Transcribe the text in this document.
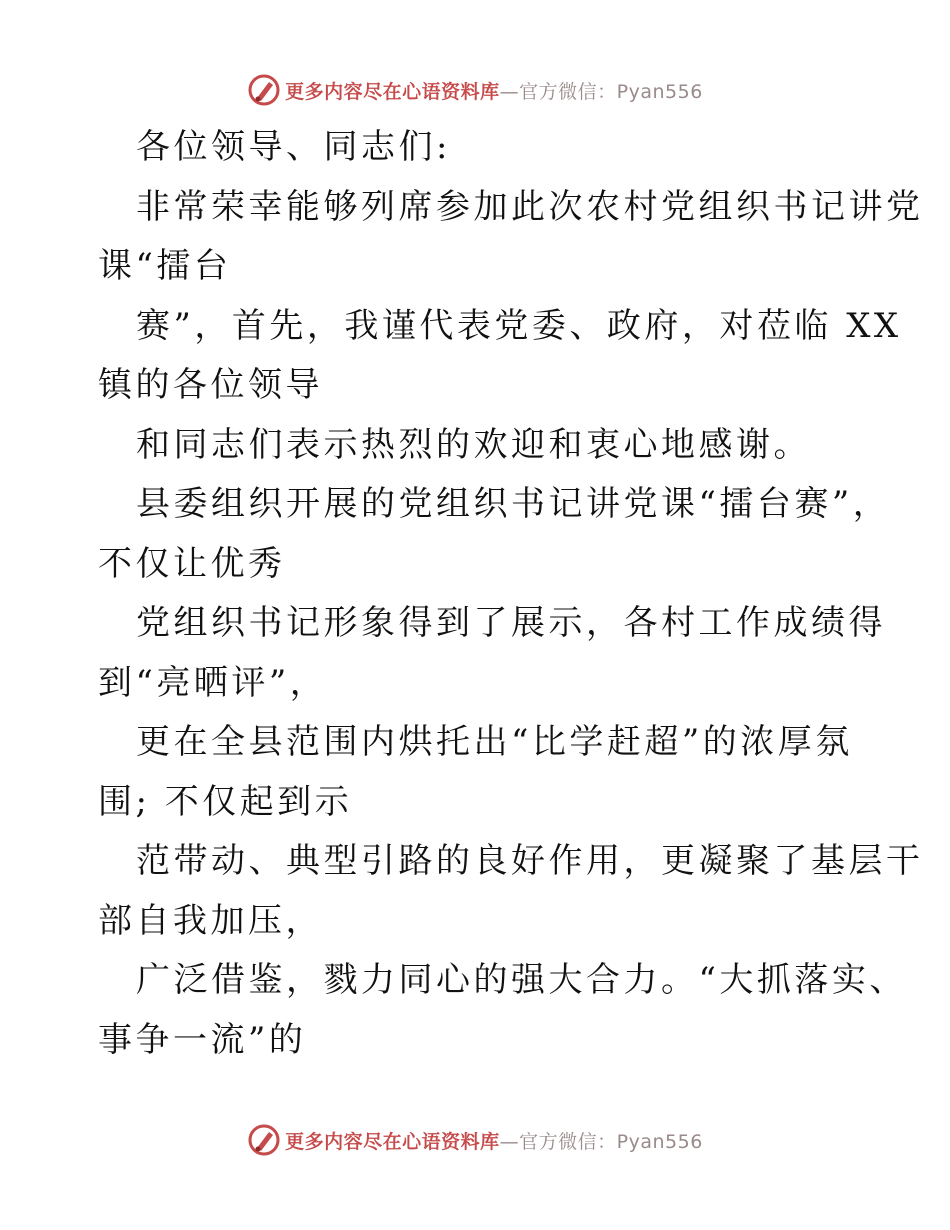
更多内容尽在心语资料库—官方微信：Pyan556

各位领导、同志们:

非常荣幸能够列席参加此次农村党组织书记讲党

课“擂台

赛”，首先，我谨代表党委、政府，对莅临 XX

镇的各位领导

和同志们表示热烈的欢迎和衷心地感谢。

县委组织开展的党组织书记讲党课“擂台赛”，

不仅让优秀

党组织书记形象得到了展示，各村工作成绩得

到“亮晒评”，

更在全县范围内烘托出“比学赶超”的浓厚氛

围; 不仅起到示

范带动、典型引路的良好作用，更凝聚了基层干

部自我加压，

广泛借鉴，戮力同心的强大合力。“大抓落实、

事争一流”的

更多内容尽在心语资料库—官方微信：Pyan556
